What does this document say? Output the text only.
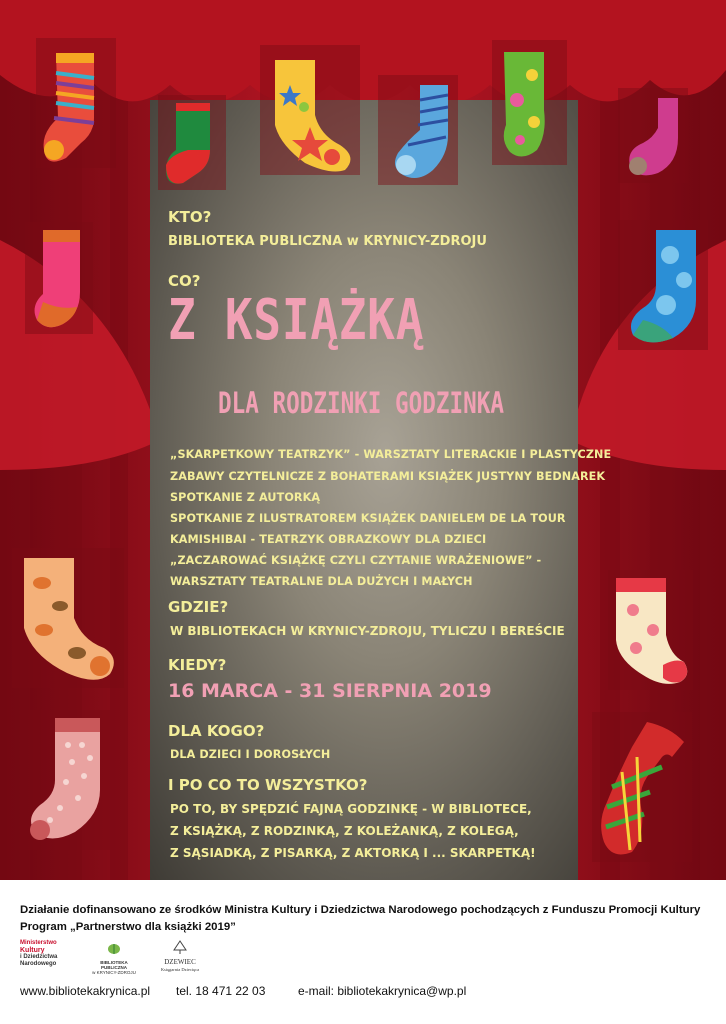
KTO?
BIBLIOTEKA PUBLICZNA w KRYNICY-ZDROJU
CO?
Z KSIĄŻKĄ
DLA RODZINKI GODZINKA
„SKARPETKOWY TEATRZYK” - WARSZTATY LITERACKIE I PLASTYCZNE
ZABAWY CZYTELNICZE Z BOHATERAMI KSIĄŻEK JUSTYNY BEDNAREK
SPOTKANIE Z AUTORKĄ
SPOTKANIE Z ILUSTRATOREM KSIĄŻEK DANIELEM DE LA TOUR
KAMISHIBAI - TEATRZYK OBRAZKOWY DLA DZIECI
„ZACZAROWAĆ KSIĄŻKĘ CZYLI CZYTANIE WRAŻENIOWE” -
WARSZTATY TEATRALNE DLA DUŻYCH I MAŁYCH
GDZIE?
W BIBLIOTEKACH W KRYNICY-ZDROJU, TYLICZU I BEREŚCIE
KIEDY?
16 MARCA - 31 SIERPNIA 2019
DLA KOGO?
DLA DZIECI I DOROSŁYCH
I PO CO TO WSZYSTKO?
PO TO, BY SPĘDZIĆ FAJNĄ GODZINKĘ - W BIBLIOTECE,
Z KSIĄŻKĄ, Z RODZINKĄ, Z KOLEŻANKĄ, Z KOLEGĄ,
Z SĄSIADKĄ, Z PISARKĄ, Z AKTORKĄ I ... SKARPETKĄ!
Działanie dofinansowano ze środków Ministra Kultury i Dziedzictwa Narodowego pochodzących z Funduszu Promocji Kultury
Program „Partnerstwo dla książki 2019”
Ministerstwo
Kultury
i Dziedzictwa
Narodowego	BIBLIOTEKA PUBLICZNA
w KRYNICY-ZDROJU
DZEWIEC
Księgarnia Dziecięca
www.bibliotekakrynica.pl tel. 18 471 22 03	e-mail: bibliotekakrynica@wp.pl
